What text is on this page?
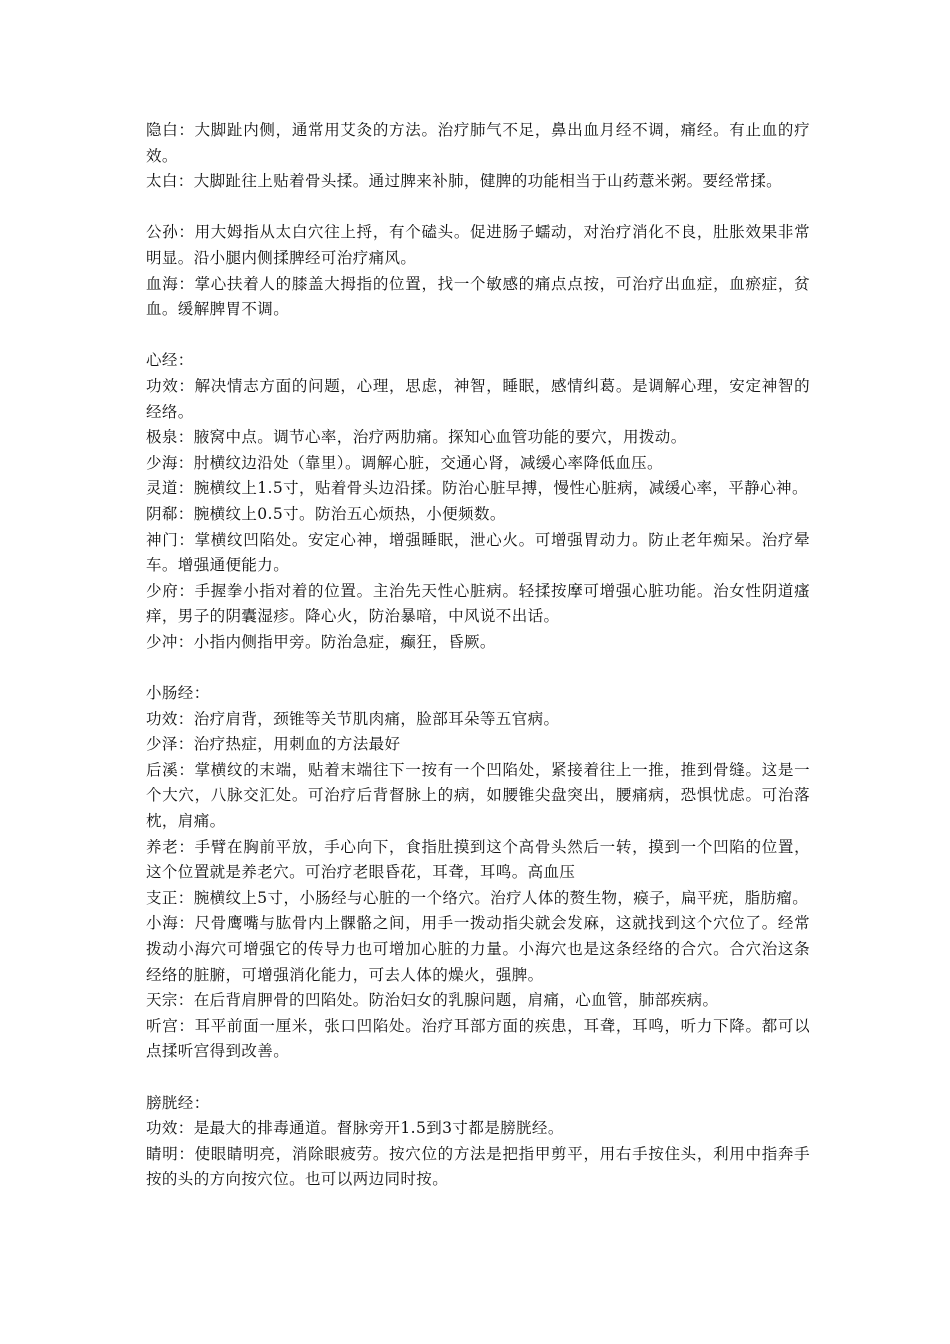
隐白：大脚趾内侧，通常用艾灸的方法。治疗肺气不足，鼻出血月经不调，痛经。有止血的疗效。

太白：大脚趾往上贴着骨头揉。通过脾来补肺，健脾的功能相当于山药薏米粥。要经常揉。

公孙：用大姆指从太白穴往上捋，有个磕头。促进肠子蠕动，对治疗消化不良，肚胀效果非常明显。沿小腿内侧揉脾经可治疗痛风。

血海：掌心扶着人的膝盖大拇指的位置，找一个敏感的痛点点按，可治疗出血症，血瘀症，贫血。缓解脾胃不调。

心经：

功效：解决情志方面的问题，心理，思虑，神智，睡眠，感情纠葛。是调解心理，安定神智的经络。

极泉：腋窝中点。调节心率，治疗两肋痛。探知心血管功能的要穴，用拨动。

少海：肘横纹边沿处（靠里）。调解心脏，交通心肾，减缓心率降低血压。

灵道：腕横纹上1.5寸，贴着骨头边沿揉。防治心脏早搏，慢性心脏病，减缓心率，平静心神。

阴郗：腕横纹上0.5寸。防治五心烦热，小便频数。

神门：掌横纹凹陷处。安定心神，增强睡眠，泄心火。可增强胃动力。防止老年痴呆。治疗晕车。增强通便能力。

少府：手握拳小指对着的位置。主治先天性心脏病。轻揉按摩可增强心脏功能。治女性阴道瘙痒，男子的阴囊湿疹。降心火，防治暴喑，中风说不出话。

少冲：小指内侧指甲旁。防治急症，癫狂，昏厥。

小肠经：

功效：治疗肩背，颈锥等关节肌肉痛，脸部耳朵等五官病。

少泽：治疗热症，用刺血的方法最好

后溪：掌横纹的末端，贴着末端往下一按有一个凹陷处，紧接着往上一推，推到骨缝。这是一个大穴，八脉交汇处。可治疗后背督脉上的病，如腰锥尖盘突出，腰痛病，恐惧忧虑。可治落枕，肩痛。

养老：手臂在胸前平放，手心向下，食指肚摸到这个高骨头然后一转，摸到一个凹陷的位置，这个位置就是养老穴。可治疗老眼昏花，耳聋，耳鸣。高血压

支正：腕横纹上5寸，小肠经与心脏的一个络穴。治疗人体的赘生物，瘊子，扁平疣，脂肪瘤。

小海：尺骨鹰嘴与肱骨内上髁骼之间，用手一拨动指尖就会发麻，这就找到这个穴位了。经常拨动小海穴可增强它的传导力也可增加心脏的力量。小海穴也是这条经络的合穴。合穴治这条经络的脏腑，可增强消化能力，可去人体的燥火，强脾。

天宗：在后背肩胛骨的凹陷处。防治妇女的乳腺问题，肩痛，心血管，肺部疾病。

听宫：耳平前面一厘米，张口凹陷处。治疗耳部方面的疾患，耳聋，耳鸣，听力下降。都可以点揉听宫得到改善。

膀胱经：

功效：是最大的排毒通道。督脉旁开1.5到3寸都是膀胱经。

睛明：使眼睛明亮，消除眼疲劳。按穴位的方法是把指甲剪平，用右手按住头，利用中指奔手按的头的方向按穴位。也可以两边同时按。
